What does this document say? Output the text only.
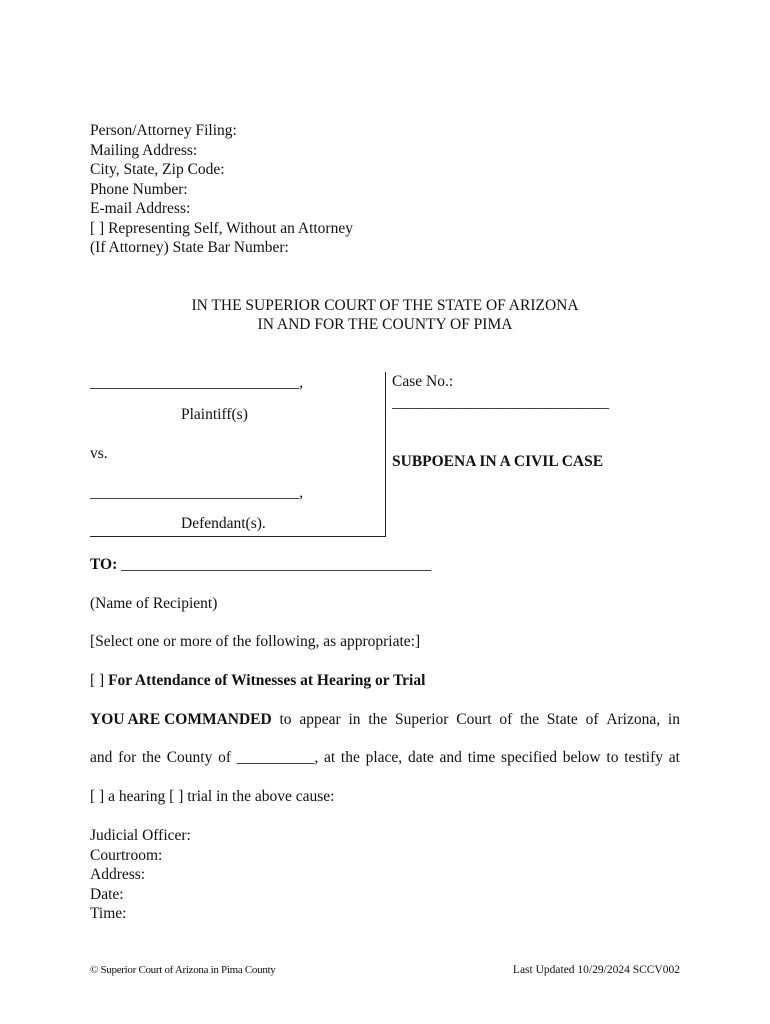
Person/Attorney Filing:
Mailing Address:
City, State, Zip Code:
Phone Number:
E-mail Address:
[ ] Representing Self, Without an Attorney
(If Attorney) State Bar Number:
IN THE SUPERIOR COURT OF THE STATE OF ARIZONA
IN AND FOR THE COUNTY OF PIMA
___________________________,
Plaintiff(s)
vs.
___________________________,
Defendant(s).
Case No.:
____________________________
SUBPOENA IN A CIVIL CASE
TO: ________________________________________
(Name of Recipient)
[Select one or more of the following, as appropriate:]
[ ] For Attendance of Witnesses at Hearing or Trial
YOU ARE COMMANDED to appear in the Superior Court of the State of Arizona, in
and for the County of __________, at the place, date and time specified below to testify at
[ ] a hearing [ ] trial in the above cause:
Judicial Officer:
Courtroom:
Address:
Date:
Time:
© Superior Court of Arizona in Pima County	Last Updated 10/29/2024 SCCV002
